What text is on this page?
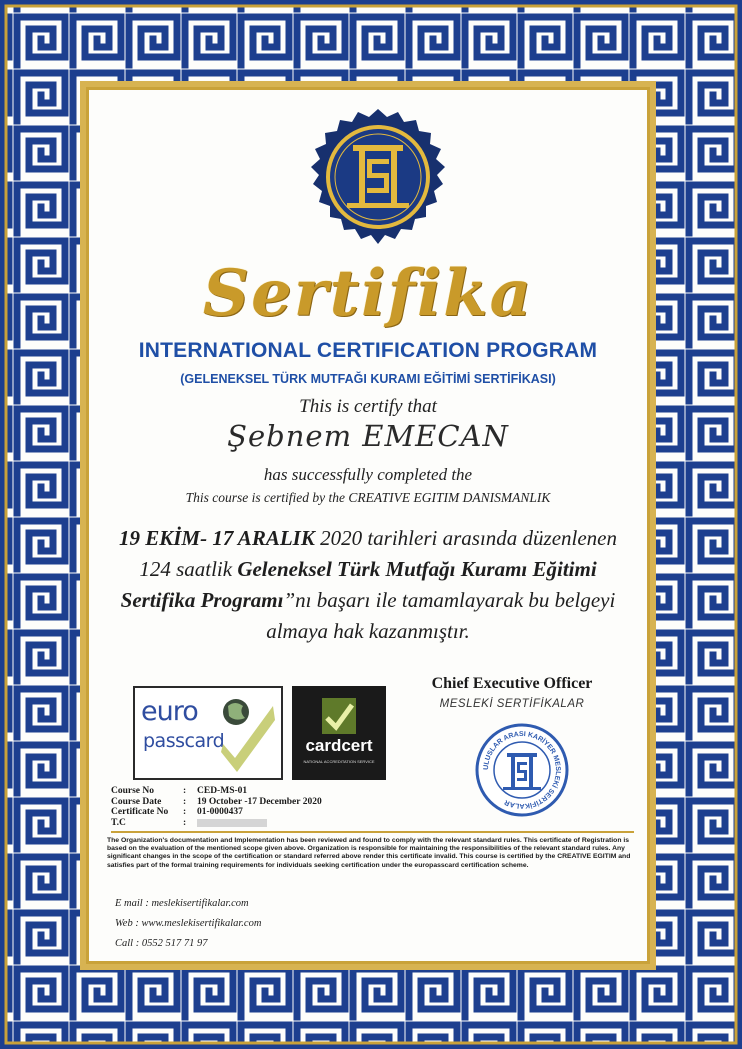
Sertifika
INTERNATIONAL CERTIFICATION PROGRAM
(GELENEKSEL TÜRK MUTFAĞI KURAMI EĞİTİMİ SERTİFİKASI)
This is certify that
Şebnem EMECAN
has successfully completed the
This course is certified by the CREATIVE EGITIM DANISMANLIK
19 EKİM- 17 ARALIK 2020 tarihleri arasında düzenlenen 124 saatlik Geleneksel Türk Mutfağı Kuramı Eğitimi Sertifika Programı”nı başarı ile tamamlayarak bu belgeyi almaya hak kazanmıştır.
euro
passcard	cardcert
NATIONAL ACCREDITATION SERVICE
Chief Executive Officer
MESLEKİ SERTİFİKALAR
ULUSLAR ARASI KARİYER MESLEKİ SERTİFİKALAR
Course No	:	CED-MS-01
Course Date	:	19 October -17 December 2020
Certificate No	:	01-0000437
T.C	:
The Organization's documentation and Implementation has been reviewed and found to comply with the relevant standard rules. This certificate of Registration is based on the evaluation of the mentioned scope given above. Organization is responsible for maintaining the responsibilities of the relevant standard rules. Any significant changes in the scope of the certification or standard referred above render this certificate invalid. This course is certified by the CREATIVE EGITIM and satisfies part of the formal training requirements for individuals seeking certification under the europasscard certification scheme.
E mail : meslekisertifikalar.com
Web : www.meslekisertifikalar.com
Call : 0552 517 71 97
